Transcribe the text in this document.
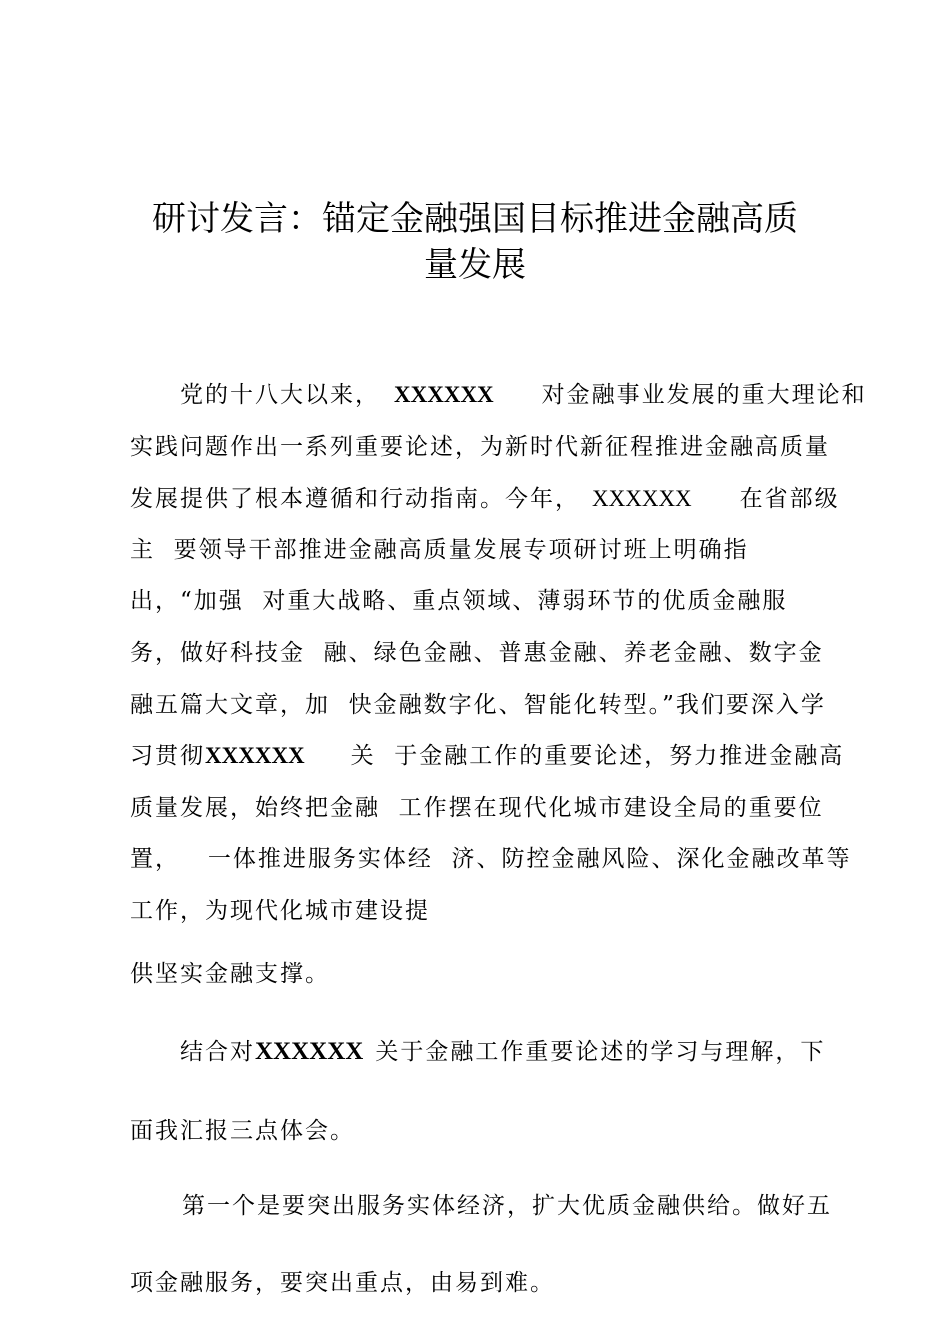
研讨发言：锚定金融强国目标推进金融高质
量发展
党的十八大以来， XXXXXX 对金融事业发展的重大理论和
实践问题作出一系列重要论述，为新时代新征程推进金融高质量
发展提供了根本遵循和行动指南。今年， XXXXXX 在省部级
主  要领导干部推进金融高质量发展专项研讨班上明确指
出，“加强  对重大战略、重点领域、薄弱环节的优质金融服
务，做好科技金  融、绿色金融、普惠金融、养老金融、数字金
融五篇大文章，加  快金融数字化、智能化转型。”我们要深入学
习贯彻XXXXXX 关  于金融工作的重要论述，努力推进金融高
质量发展，始终把金融  工作摆在现代化城市建设全局的重要位
置，   一体推进服务实体经  济、防控金融风险、深化金融改革等
工作，为现代化城市建设提
供坚实金融支撑。
结合对XXXXXX 关于金融工作重要论述的学习与理解，下
面我汇报三点体会。
第一个是要突出服务实体经济，扩大优质金融供给。做好五
项金融服务，要突出重点，由易到难。
